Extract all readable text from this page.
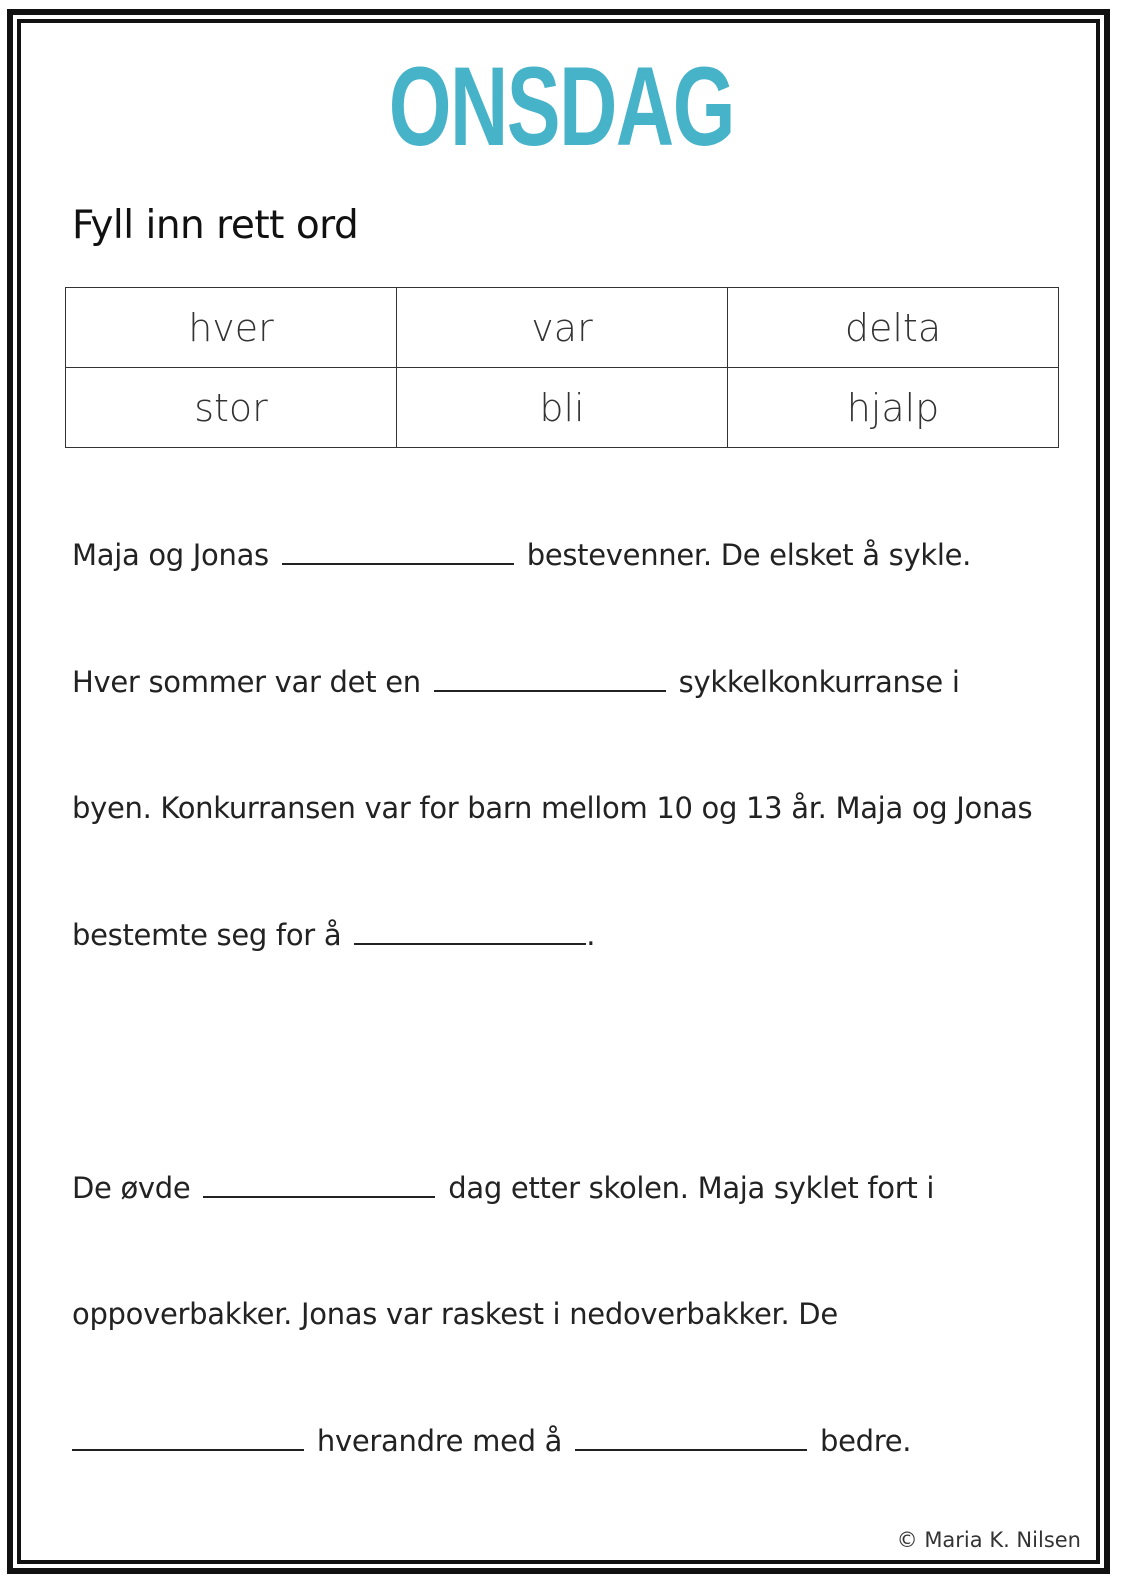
ONSDAG
Fyll inn rett ord
hver	var	delta
stor	bli	hjalp
Maja og Jonas	bestevenner. De elsket å sykle.
Hver sommer var det en	sykkelkonkurranse i
byen. Konkurransen var for barn mellom 10 og 13 år. Maja og Jonas
bestemte seg for å	.
De øvde	dag etter skolen. Maja syklet fort i
oppoverbakker. Jonas var raskest i nedoverbakker. De
hverandre med å	bedre.
© Maria K. Nilsen
